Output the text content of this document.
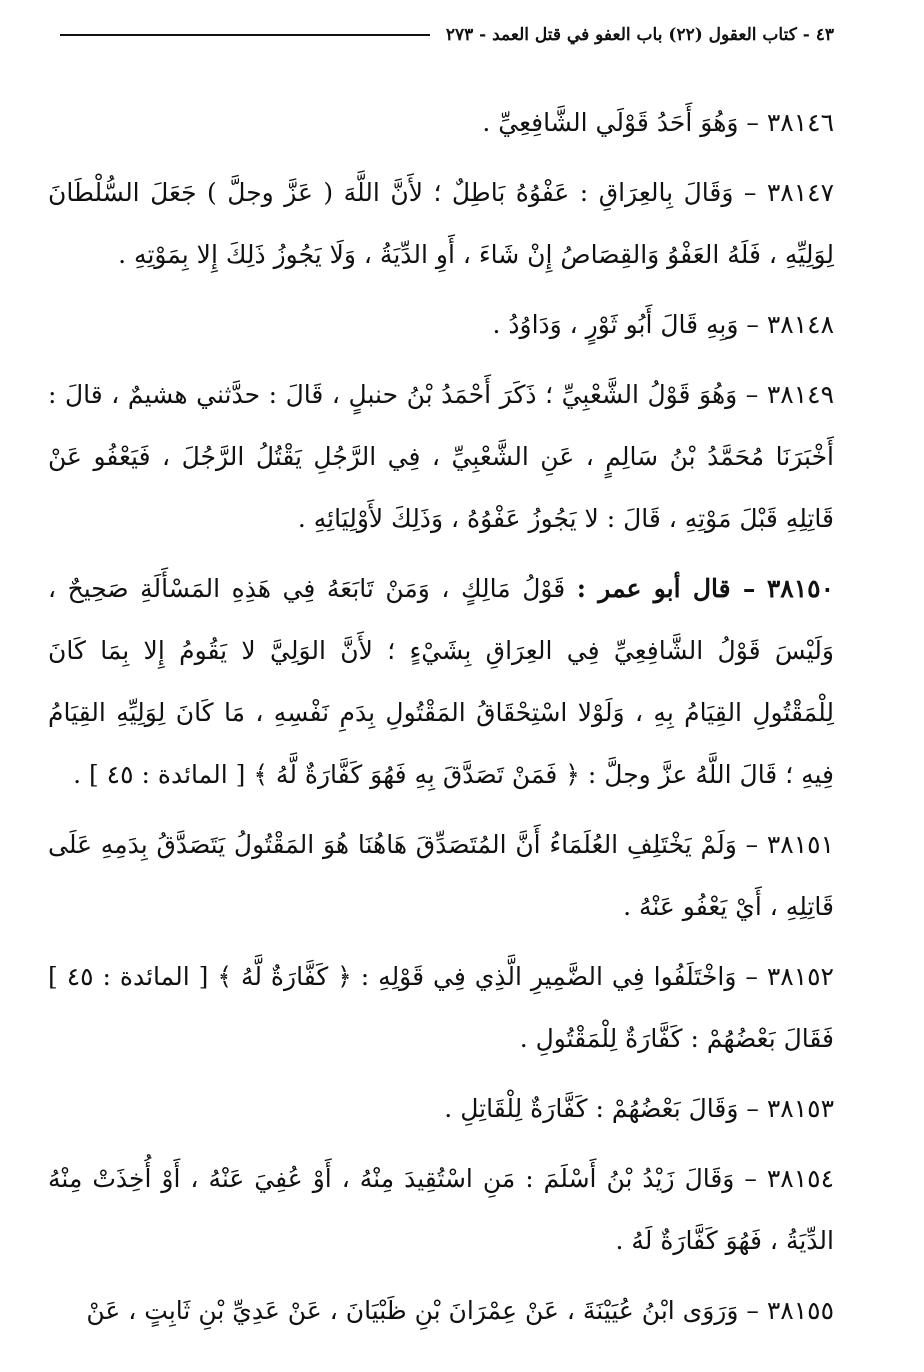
٤٣ - كتاب العقول (٢٢) باب العفو في قتل العمد - ٢٧٣

٣٨١٤٦ – وَهُوَ أَحَدُ قَوْلَي الشَّافِعِيِّ .

٣٨١٤٧ – وَقَالَ بِالعِرَاقِ : عَفْوُهُ بَاطِلٌ ؛ لأَنَّ اللَّهَ ( عَزَّ وجلَّ ) جَعَلَ السُّلْطَانَ لِوَلِيِّهِ ، فَلَهُ العَفْوُ وَالقِصَاصُ إِنْ شَاءَ ، أَوِ الدِّيَةُ ، وَلَا يَجُوزُ ذَلِكَ إِلا بِمَوْتِهِ .

٣٨١٤٨ – وَبِهِ قَالَ أَبُو ثَوْرٍ ، وَدَاوُدُ .

٣٨١٤٩ – وَهُوَ قَوْلُ الشَّعْبِيِّ ؛ ذَكَرَ أَحْمَدُ بْنُ حنبلٍ ، قَالَ : حدَّثني هشيمٌ ، قالَ : أَخْبَرَنَا مُحَمَّدُ بْنُ سَالِمٍ ، عَنِ الشَّعْبِيِّ ، فِي الرَّجُلِ يَقْتُلُ الرَّجُلَ ، فَيَعْفُو عَنْ قَاتِلِهِ قَبْلَ مَوْتِهِ ، قَالَ : لا يَجُوزُ عَفْوُهُ ، وَذَلِكَ لأَوْلِيَائِهِ .

٣٨١٥٠ – قال أبو عمر : قَوْلُ مَالِكٍ ، وَمَنْ تَابَعَهُ فِي هَذِهِ المَسْأَلَةِ صَحِيحٌ ، وَلَيْسَ قَوْلُ الشَّافِعِيِّ فِي العِرَاقِ بِشَيْءٍ ؛ لأَنَّ الوَلِيَّ لا يَقُومُ إِلا بِمَا كَانَ لِلْمَقْتُولِ القِيَامُ بِهِ ، وَلَوْلا اسْتِحْقَاقُ المَقْتُولِ بِدَمِ نَفْسِهِ ، مَا كَانَ لِوَلِيِّهِ القِيَامُ فِيهِ ؛ قَالَ اللَّهُ عزَّ وجلَّ : ﴿ فَمَنْ تَصَدَّقَ بِهِ فَهُوَ كَفَّارَةٌ لَّهُ ﴾ [ المائدة : ٤٥ ] .

٣٨١٥١ – وَلَمْ يَخْتَلِفِ العُلَمَاءُ أَنَّ المُتَصَدِّقَ هَاهُنَا هُوَ المَقْتُولُ يَتَصَدَّقُ بِدَمِهِ عَلَى قَاتِلِهِ ، أَيْ يَعْفُو عَنْهُ .

٣٨١٥٢ – وَاخْتَلَفُوا فِي الضَّمِيرِ الَّذِي فِي قَوْلِهِ : ﴿ كَفَّارَةٌ لَّهُ ﴾ [ المائدة : ٤٥ ] فَقَالَ بَعْضُهُمْ : كَفَّارَةٌ لِلْمَقْتُولِ .

٣٨١٥٣ – وَقَالَ بَعْضُهُمْ : كَفَّارَةٌ لِلْقَاتِلِ .

٣٨١٥٤ – وَقَالَ زَيْدُ بْنُ أَسْلَمَ : مَنِ اسْتُقِيدَ مِنْهُ ، أَوْ عُفِيَ عَنْهُ ، أَوْ أُخِذَتْ مِنْهُ الدِّيَةُ ، فَهُوَ كَفَّارَةٌ لَهُ .

٣٨١٥٥ – وَرَوَى ابْنُ عُيَيْنَةَ ، عَنْ عِمْرَانَ بْنِ ظَبْيَانَ ، عَنْ عَدِيِّ بْنِ ثَابِتٍ ، عَنْ
